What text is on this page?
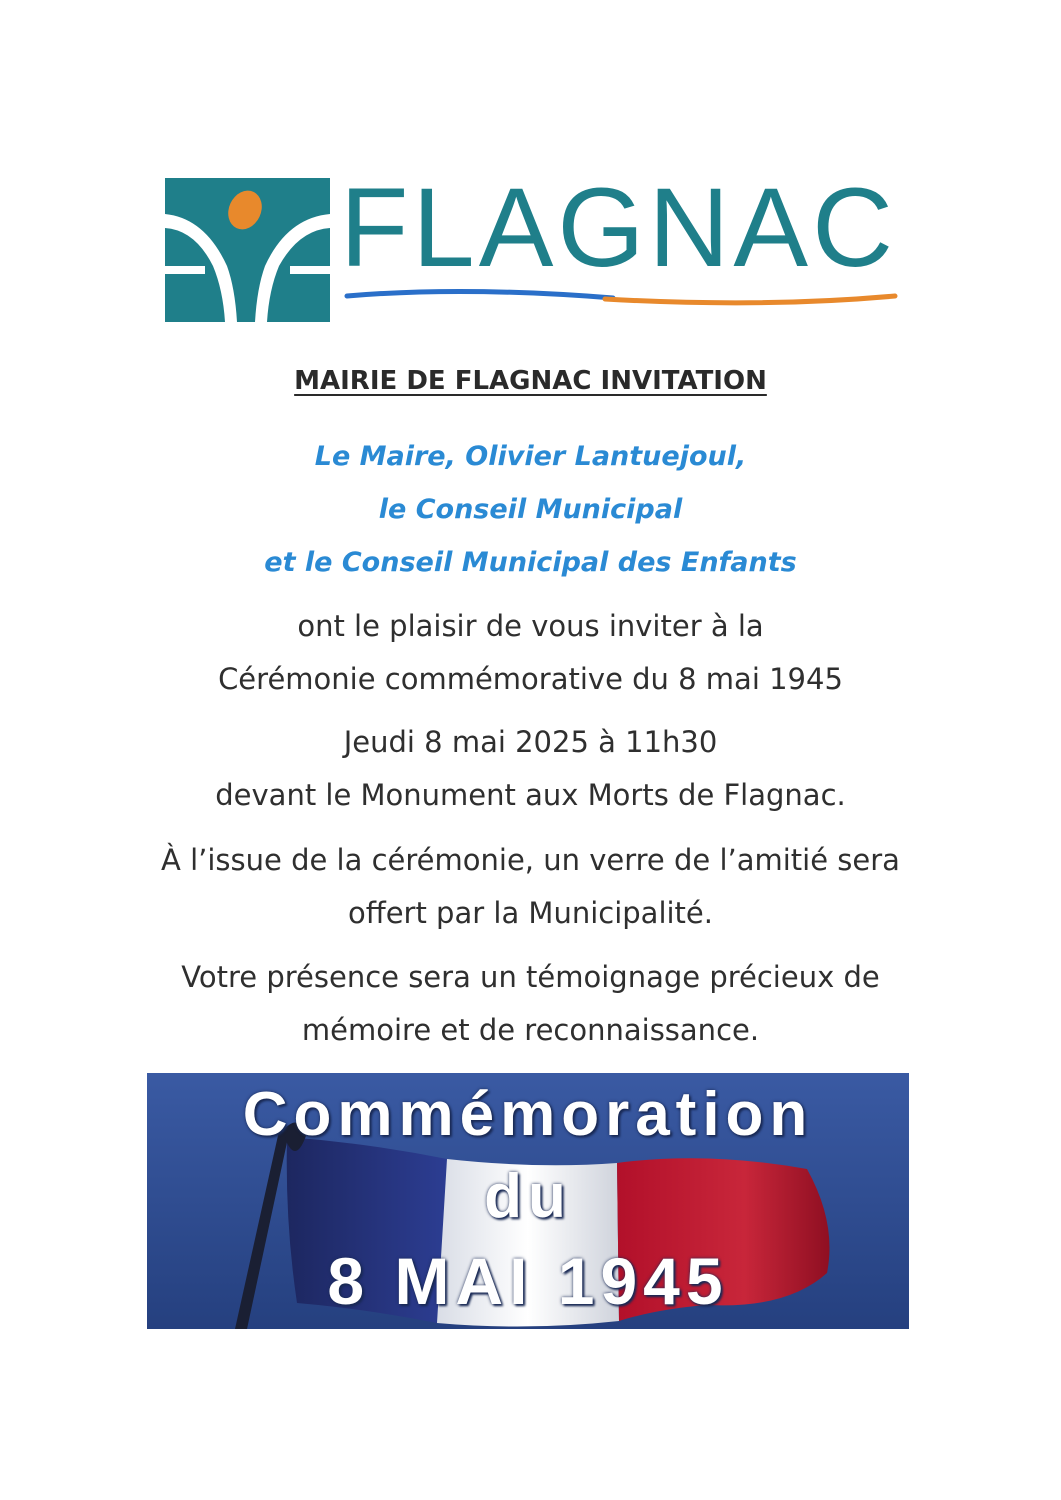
FLAGNAC
MAIRIE DE FLAGNAC INVITATION
Le Maire, Olivier Lantuejoul,
le Conseil Municipal
et le Conseil Municipal des Enfants
ont le plaisir de vous inviter à la
Cérémonie commémorative du 8 mai 1945
Jeudi 8 mai 2025 à 11h30
devant le Monument aux Morts de Flagnac.
À l’issue de la cérémonie, un verre de l’amitié sera
offert par la Municipalité.
Votre présence sera un témoignage précieux de
mémoire et de reconnaissance.
Commémoration
du
8 MAI 1945
